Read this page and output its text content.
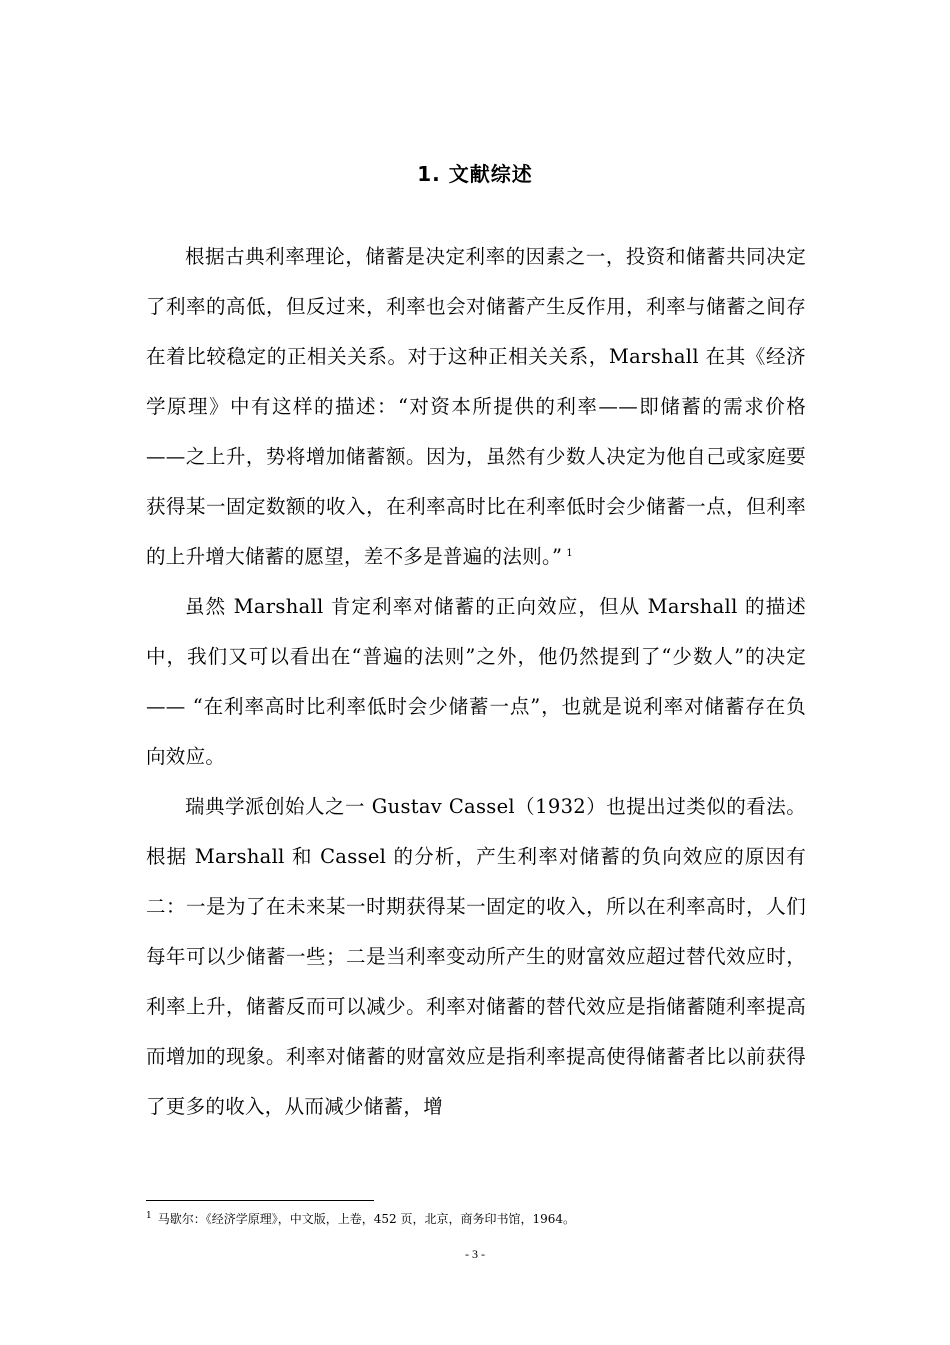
1. 文献综述

根据古典利率理论，储蓄是决定利率的因素之一，投资和储蓄共同决定了利率的高低，但反过来，利率也会对储蓄产生反作用，利率与储蓄之间存在着比较稳定的正相关关系。对于这种正相关关系，Marshall 在其《经济学原理》中有这样的描述：“对资本所提供的利率——即储蓄的需求价格——之上升，势将增加储蓄额。因为，虽然有少数人决定为他自己或家庭要获得某一固定数额的收入，在利率高时比在利率低时会少储蓄一点，但利率的上升增大储蓄的愿望，差不多是普遍的法则。” $^1$

虽然 Marshall 肯定利率对储蓄的正向效应，但从 Marshall 的描述中，我们又可以看出在“普遍的法则”之外，他仍然提到了“少数人”的决定—— “在利率高时比利率低时会少储蓄一点”，也就是说利率对储蓄存在负向效应。

瑞典学派创始人之一 Gustav Cassel（1932）也提出过类似的看法。根据 Marshall 和 Cassel 的分析，产生利率对储蓄的负向效应的原因有二：一是为了在未来某一时期获得某一固定的收入，所以在利率高时，人们每年可以少储蓄一些；二是当利率变动所产生的财富效应超过替代效应时，利率上升，储蓄反而可以减少。利率对储蓄的替代效应是指储蓄随利率提高而增加的现象。利率对储蓄的财富效应是指利率提高使得储蓄者比以前获得了更多的收入，从而减少储蓄，增

$^1$ 马歇尔：《经济学原理》，中文版，上卷，452 页，北京，商务印书馆，1964。
- 3 -
